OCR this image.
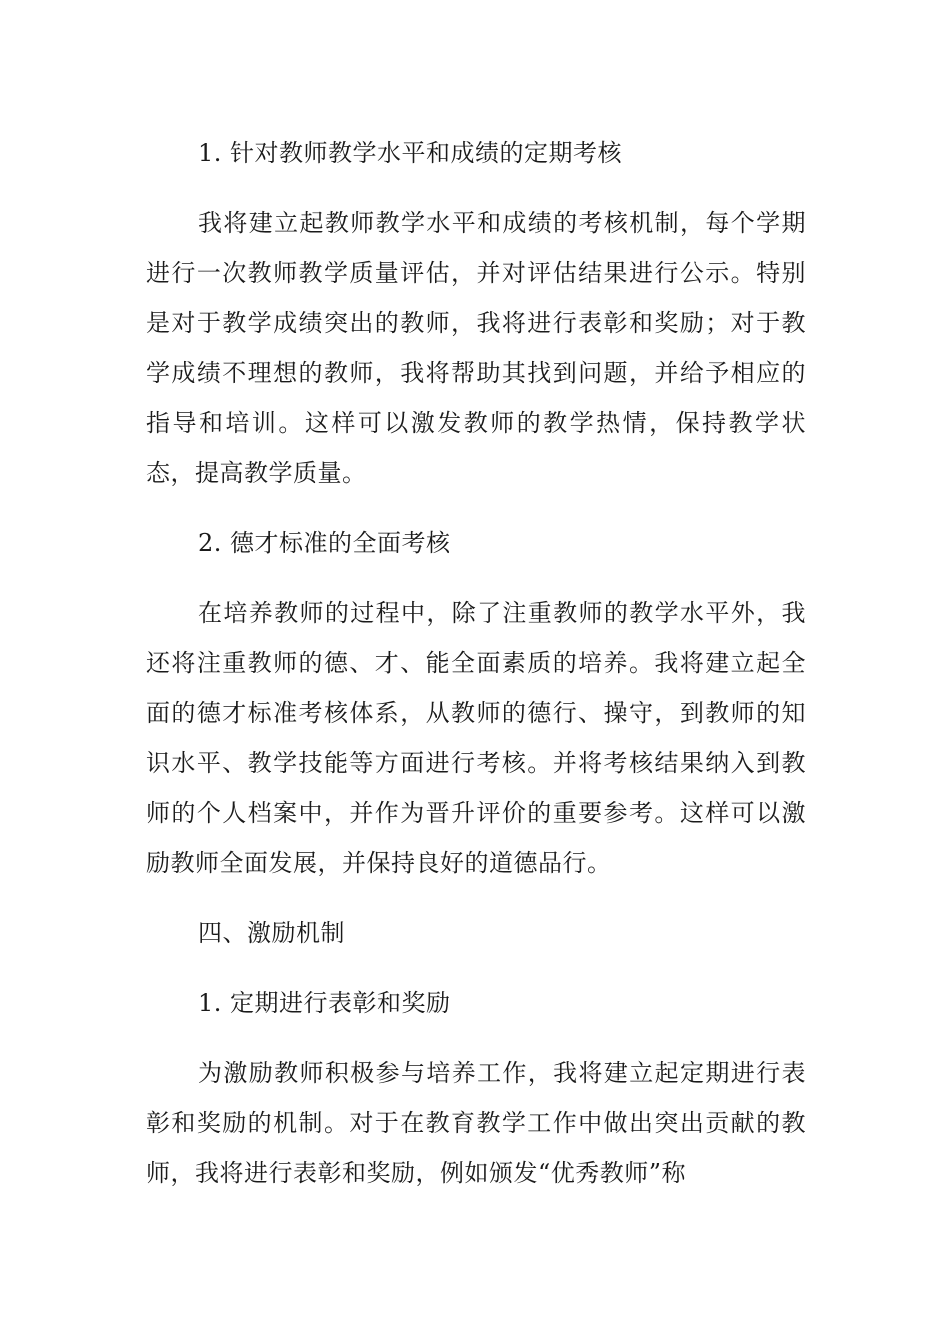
1. 针对教师教学水平和成绩的定期考核
我将建立起教师教学水平和成绩的考核机制，每个学期进行一次教师教学质量评估，并对评估结果进行公示。特别是对于教学成绩突出的教师，我将进行表彰和奖励；对于教学成绩不理想的教师，我将帮助其找到问题，并给予相应的指导和培训。这样可以激发教师的教学热情，保持教学状态，提高教学质量。
2. 德才标准的全面考核
在培养教师的过程中，除了注重教师的教学水平外，我还将注重教师的德、才、能全面素质的培养。我将建立起全面的德才标准考核体系，从教师的德行、操守，到教师的知识水平、教学技能等方面进行考核。并将考核结果纳入到教师的个人档案中，并作为晋升评价的重要参考。这样可以激励教师全面发展，并保持良好的道德品行。
四、激励机制
1. 定期进行表彰和奖励
为激励教师积极参与培养工作，我将建立起定期进行表彰和奖励的机制。对于在教育教学工作中做出突出贡献的教师，我将进行表彰和奖励，例如颁发“优秀教师”称
